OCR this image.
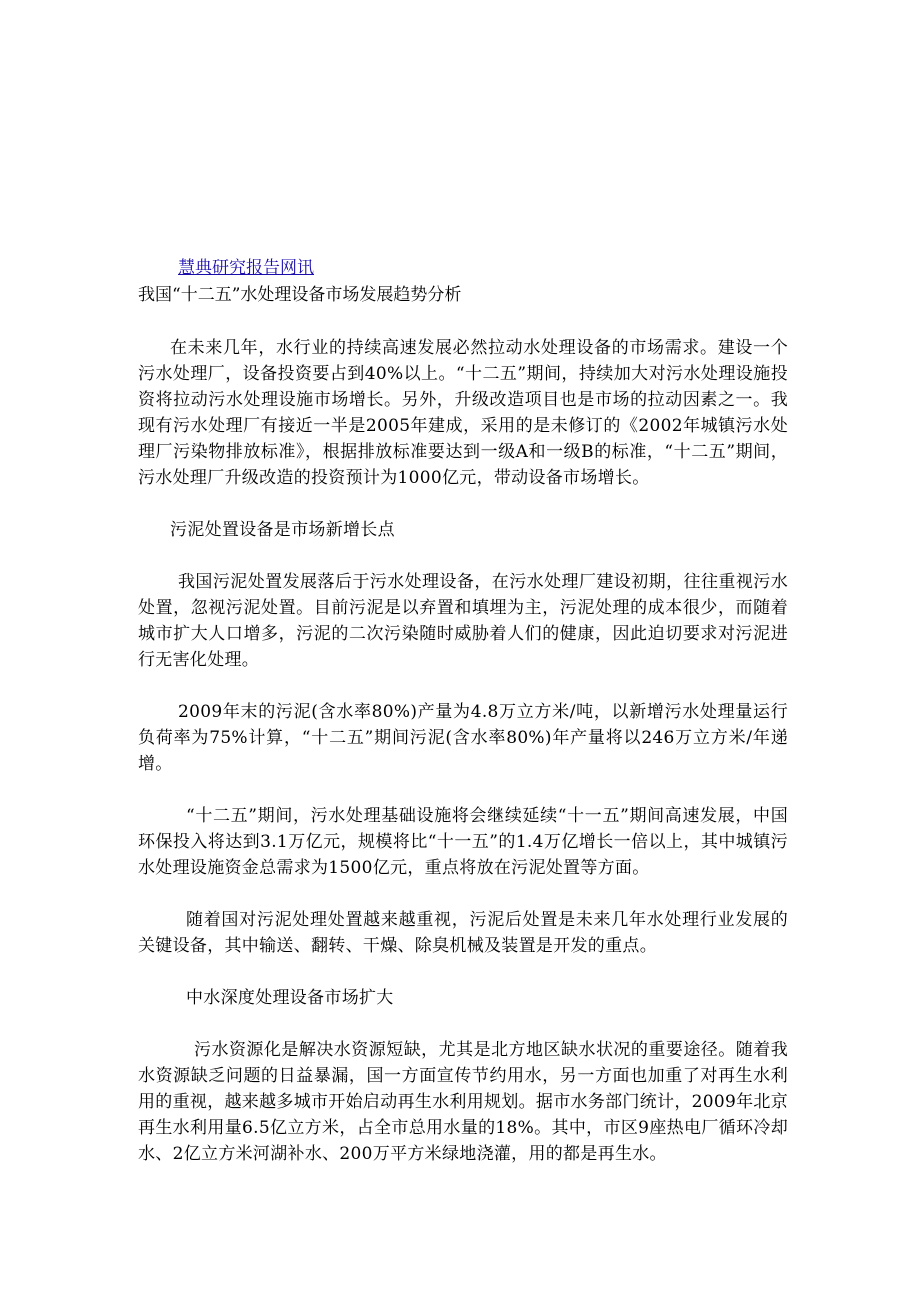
慧典研究报告网讯
我国“十二五”水处理设备市场发展趋势分析

在未来几年，水行业的持续高速发展必然拉动水处理设备的市场需求。建设一个污水处理厂，设备投资要占到40%以上。“十二五”期间，持续加大对污水处理设施投资将拉动污水处理设施市场增长。另外，升级改造项目也是市场的拉动因素之一。我现有污水处理厂有接近一半是2005年建成，采用的是未修订的《2002年城镇污水处理厂污染物排放标准》，根据排放标准要达到一级A和一级B的标准，“十二五”期间，污水处理厂升级改造的投资预计为1000亿元，带动设备市场增长。

污泥处置设备是市场新增长点

我国污泥处置发展落后于污水处理设备，在污水处理厂建设初期，往往重视污水处置，忽视污泥处置。目前污泥是以弃置和填埋为主，污泥处理的成本很少，而随着城市扩大人口增多，污泥的二次污染随时威胁着人们的健康，因此迫切要求对污泥进行无害化处理。

2009年末的污泥(含水率80%)产量为4.8万立方米/吨，以新增污水处理量运行负荷率为75%计算，“十二五”期间污泥(含水率80%)年产量将以246万立方米/年递增。

“十二五”期间，污水处理基础设施将会继续延续“十一五”期间高速发展，中国环保投入将达到3.1万亿元，规模将比“十一五”的1.4万亿增长一倍以上，其中城镇污水处理设施资金总需求为1500亿元，重点将放在污泥处置等方面。

随着国对污泥处理处置越来越重视，污泥后处置是未来几年水处理行业发展的关键设备，其中输送、翻转、干燥、除臭机械及装置是开发的重点。

中水深度处理设备市场扩大

污水资源化是解决水资源短缺，尤其是北方地区缺水状况的重要途径。随着我水资源缺乏问题的日益暴漏，国一方面宣传节约用水，另一方面也加重了对再生水利用的重视，越来越多城市开始启动再生水利用规划。据市水务部门统计，2009年北京再生水利用量6.5亿立方米，占全市总用水量的18%。其中，市区9座热电厂循环冷却水、2亿立方米河湖补水、200万平方米绿地浇灌，用的都是再生水。
